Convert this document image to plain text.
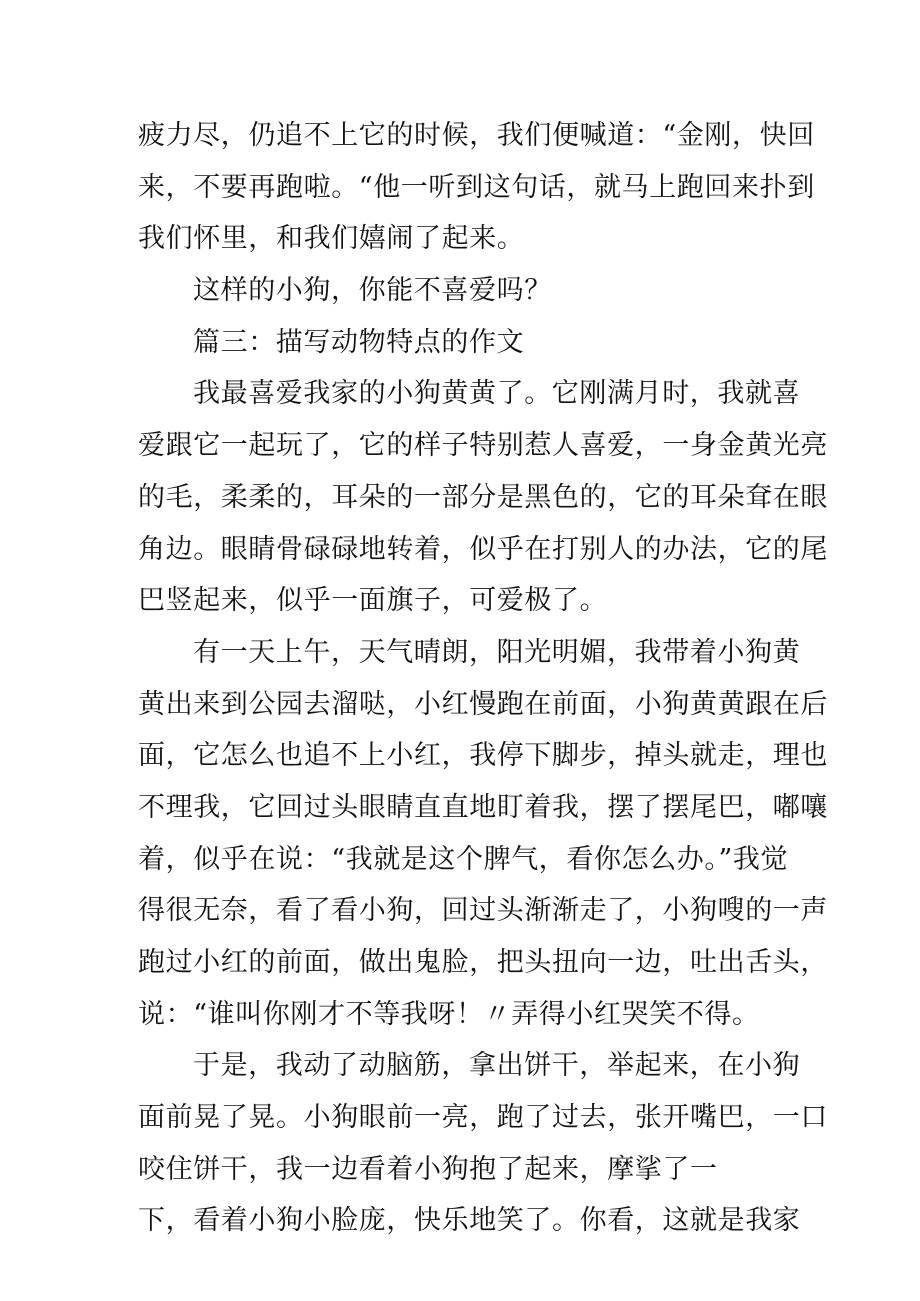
疲力尽，仍追不上它的时候，我们便喊道：“金刚，快回
来，不要再跑啦。“他一听到这句话，就马上跑回来扑到
我们怀里，和我们嬉闹了起来。
这样的小狗，你能不喜爱吗？
篇三：描写动物特点的作文
我最喜爱我家的小狗黄黄了。它刚满月时，我就喜
爱跟它一起玩了，它的样子特别惹人喜爱，一身金黄光亮
的毛，柔柔的，耳朵的一部分是黑色的，它的耳朵耷在眼
角边。眼睛骨碌碌地转着，似乎在打别人的办法，它的尾
巴竖起来，似乎一面旗子，可爱极了。
有一天上午，天气晴朗，阳光明媚，我带着小狗黄
黄出来到公园去溜哒，小红慢跑在前面，小狗黄黄跟在后
面，它怎么也追不上小红，我停下脚步，掉头就走，理也
不理我，它回过头眼睛直直地盯着我，摆了摆尾巴，嘟嚷
着，似乎在说：“我就是这个脾气，看你怎么办。”我觉
得很无奈，看了看小狗，回过头渐渐走了，小狗嗖的一声
跑过小红的前面，做出鬼脸，把头扭向一边，吐出舌头，
说：“谁叫你刚才不等我呀！〃弄得小红哭笑不得。
于是，我动了动脑筋，拿出饼干，举起来，在小狗
面前晃了晃。小狗眼前一亮，跑了过去，张开嘴巴，一口
咬住饼干，我一边看着小狗抱了起来，摩挲了一
下，看着小狗小脸庞，快乐地笑了。你看，这就是我家
